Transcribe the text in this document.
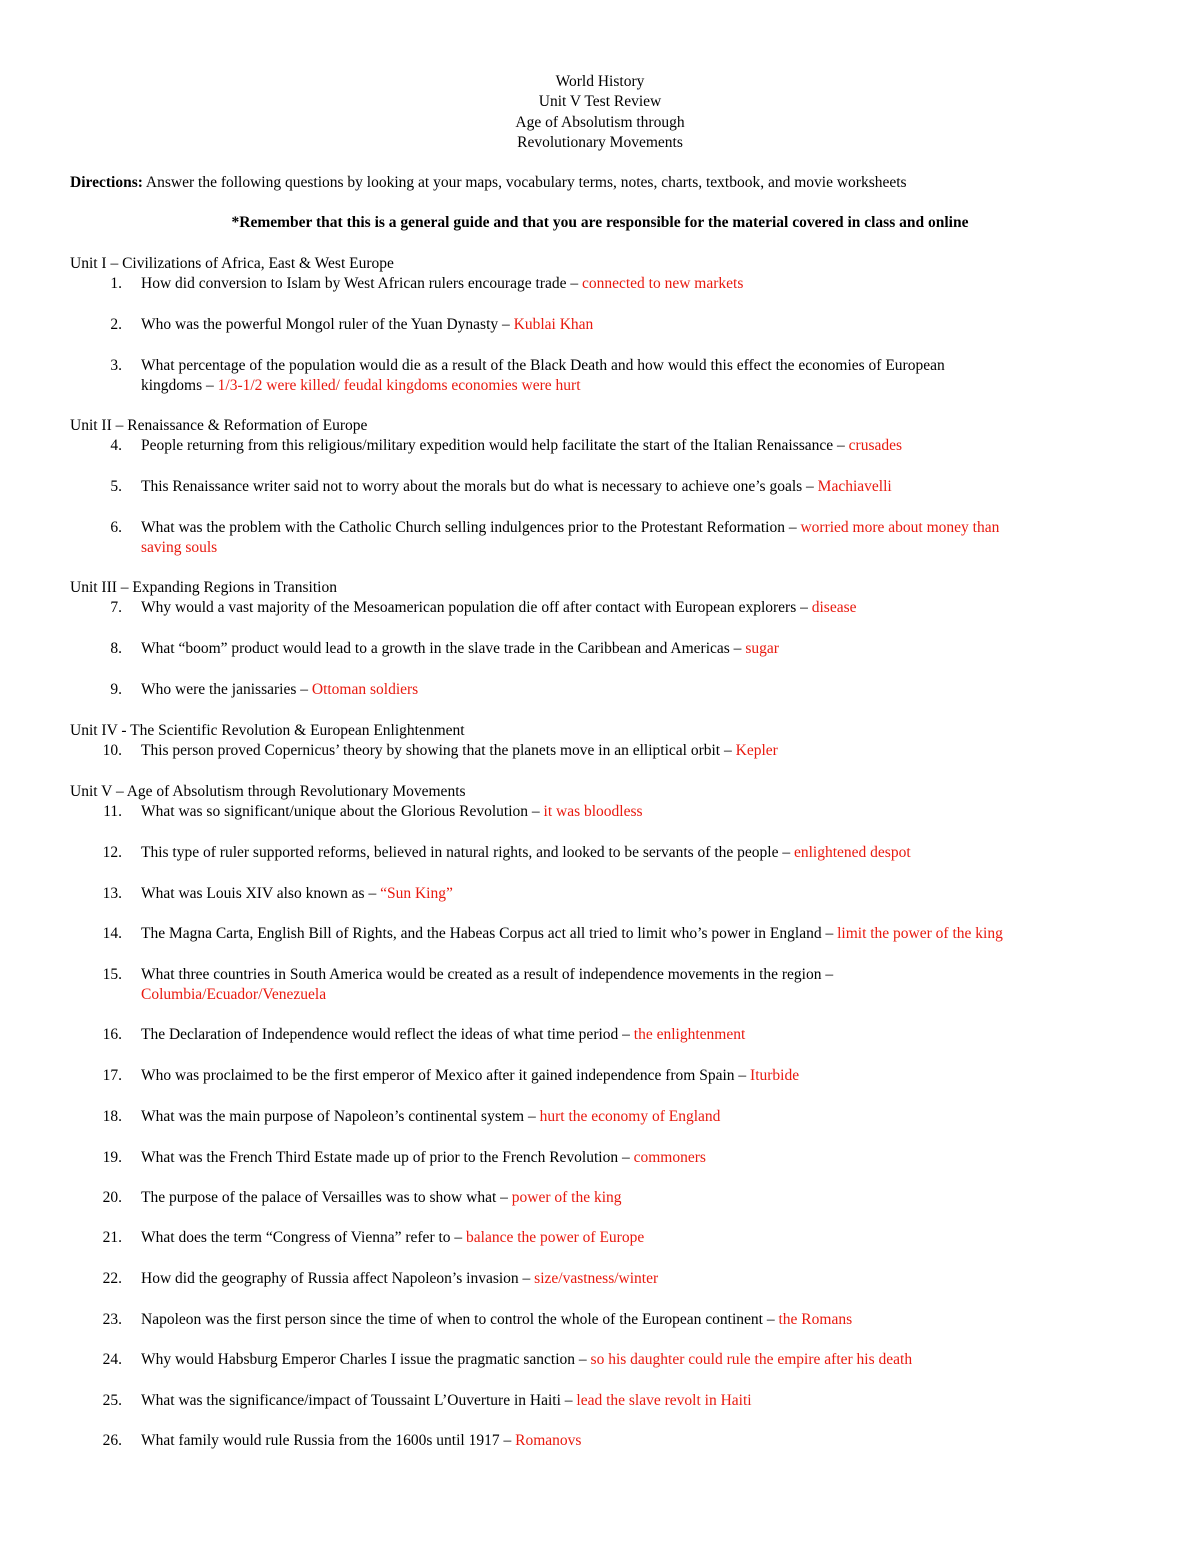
World History
Unit V Test Review
Age of Absolutism through
Revolutionary Movements
Directions: Answer the following questions by looking at your maps, vocabulary terms, notes, charts, textbook, and movie worksheets
*Remember that this is a general guide and that you are responsible for the material covered in class and online
Unit I – Civilizations of Africa, East & West Europe
1. How did conversion to Islam by West African rulers encourage trade – connected to new markets
2. Who was the powerful Mongol ruler of the Yuan Dynasty – Kublai Khan
3. What percentage of the population would die as a result of the Black Death and how would this effect the economies of European
kingdoms – 1/3-1/2 were killed/ feudal kingdoms economies were hurt
Unit II – Renaissance & Reformation of Europe
4. People returning from this religious/military expedition would help facilitate the start of the Italian Renaissance – crusades
5. This Renaissance writer said not to worry about the morals but do what is necessary to achieve one’s goals – Machiavelli
6. What was the problem with the Catholic Church selling indulgences prior to the Protestant Reformation – worried more about money than
saving souls
Unit III – Expanding Regions in Transition
7. Why would a vast majority of the Mesoamerican population die off after contact with European explorers – disease
8. What “boom” product would lead to a growth in the slave trade in the Caribbean and Americas – sugar
9. Who were the janissaries – Ottoman soldiers
Unit IV - The Scientific Revolution & European Enlightenment
10. This person proved Copernicus’ theory by showing that the planets move in an elliptical orbit – Kepler
Unit V – Age of Absolutism through Revolutionary Movements
11. What was so significant/unique about the Glorious Revolution – it was bloodless
12. This type of ruler supported reforms, believed in natural rights, and looked to be servants of the people – enlightened despot
13. What was Louis XIV also known as – “Sun King”
14. The Magna Carta, English Bill of Rights, and the Habeas Corpus act all tried to limit who’s power in England – limit the power of the king
15. What three countries in South America would be created as a result of independence movements in the region –
Columbia/Ecuador/Venezuela
16. The Declaration of Independence would reflect the ideas of what time period – the enlightenment
17. Who was proclaimed to be the first emperor of Mexico after it gained independence from Spain – Iturbide
18. What was the main purpose of Napoleon’s continental system – hurt the economy of England
19. What was the French Third Estate made up of prior to the French Revolution – commoners
20. The purpose of the palace of Versailles was to show what – power of the king
21. What does the term “Congress of Vienna” refer to – balance the power of Europe
22. How did the geography of Russia affect Napoleon’s invasion – size/vastness/winter
23. Napoleon was the first person since the time of when to control the whole of the European continent – the Romans
24. Why would Habsburg Emperor Charles I issue the pragmatic sanction – so his daughter could rule the empire after his death
25. What was the significance/impact of Toussaint L’Ouverture in Haiti – lead the slave revolt in Haiti
26. What family would rule Russia from the 1600s until 1917 – Romanovs
